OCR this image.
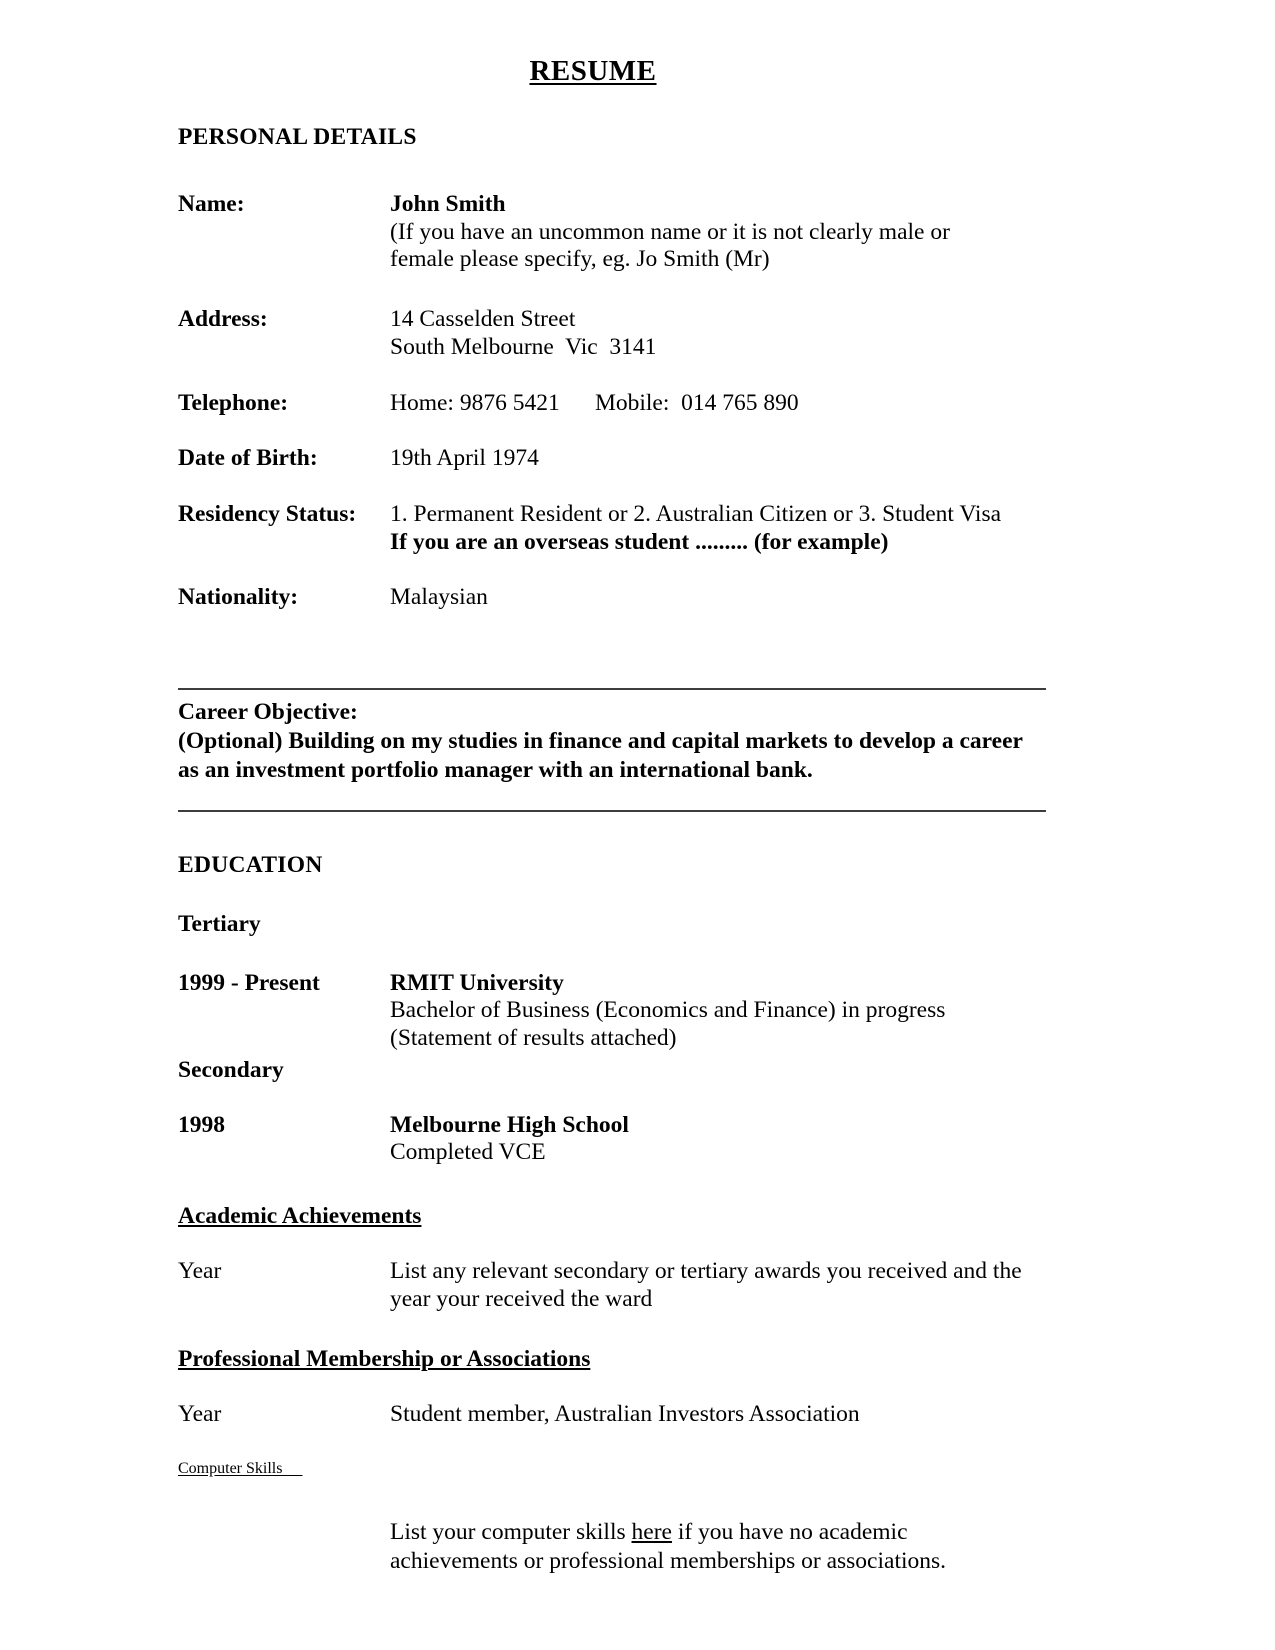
RESUME
PERSONAL DETAILS
Name:	John Smith
(If you have an uncommon name or it is not clearly male or
female please specify, eg. Jo Smith (Mr)
Address:	14 Casselden Street
South Melbourne  Vic  3141
Telephone:	Home: 9876 5421      Mobile:  014 765 890
Date of Birth:	19th April 1974
Residency Status:	1. Permanent Resident or 2. Australian Citizen or 3. Student Visa
If you are an overseas student ......... (for example)
Nationality:	Malaysian
Career Objective:
(Optional) Building on my studies in finance and capital markets to develop a career
as an investment portfolio manager with an international bank.
EDUCATION
Tertiary
1999 - Present	RMIT University
Bachelor of Business (Economics and Finance) in progress
(Statement of results attached)
Secondary
1998	Melbourne High School
Completed VCE
Academic Achievements
Year	List any relevant secondary or tertiary awards you received and the
year your received the ward
Professional Membership or Associations
Year	Student member, Australian Investors Association
Computer Skills
List your computer skills here if you have no academic
achievements or professional memberships or associations.
